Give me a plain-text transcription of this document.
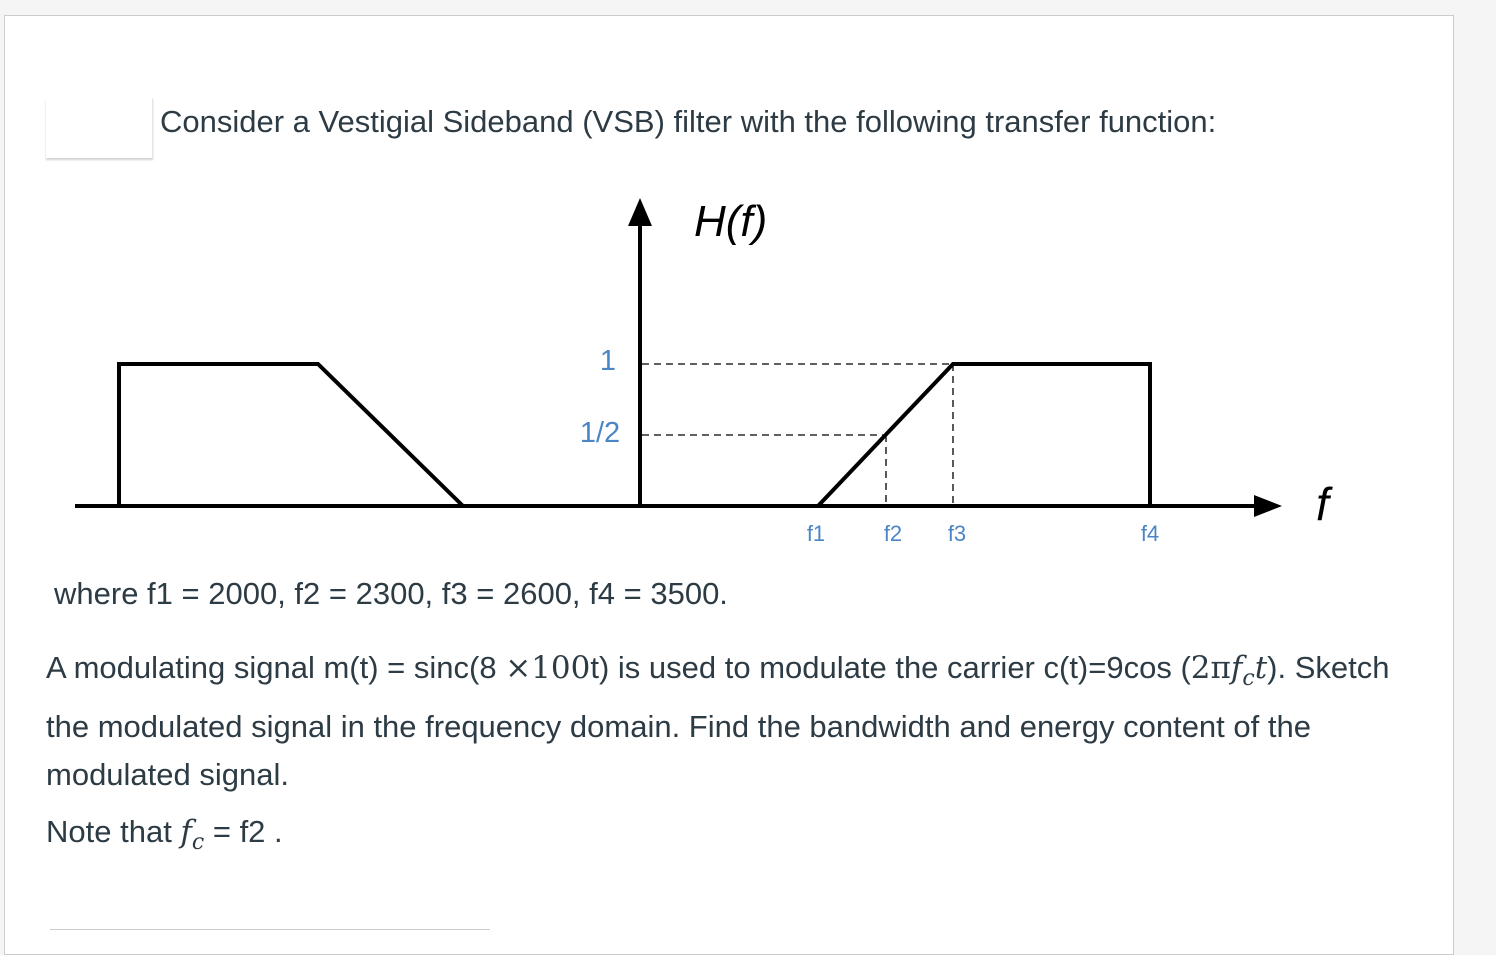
Consider a Vestigial Sideband (VSB) filter with the following transfer function:
H(f)
f
1
1/2
f1	f2 f3	f4
where f1 = 2000, f2 = 2300, f3 = 2600, f4 = 3500.
A modulating signal m(t) = sinc(8 ×100t) is used to modulate the carrier c(t)=9cos $(2\pi f_ct)$. Sketch the modulated signal in the frequency domain. Find the bandwidth and energy content of the modulated signal.
Note that $f_c = f2$ .
